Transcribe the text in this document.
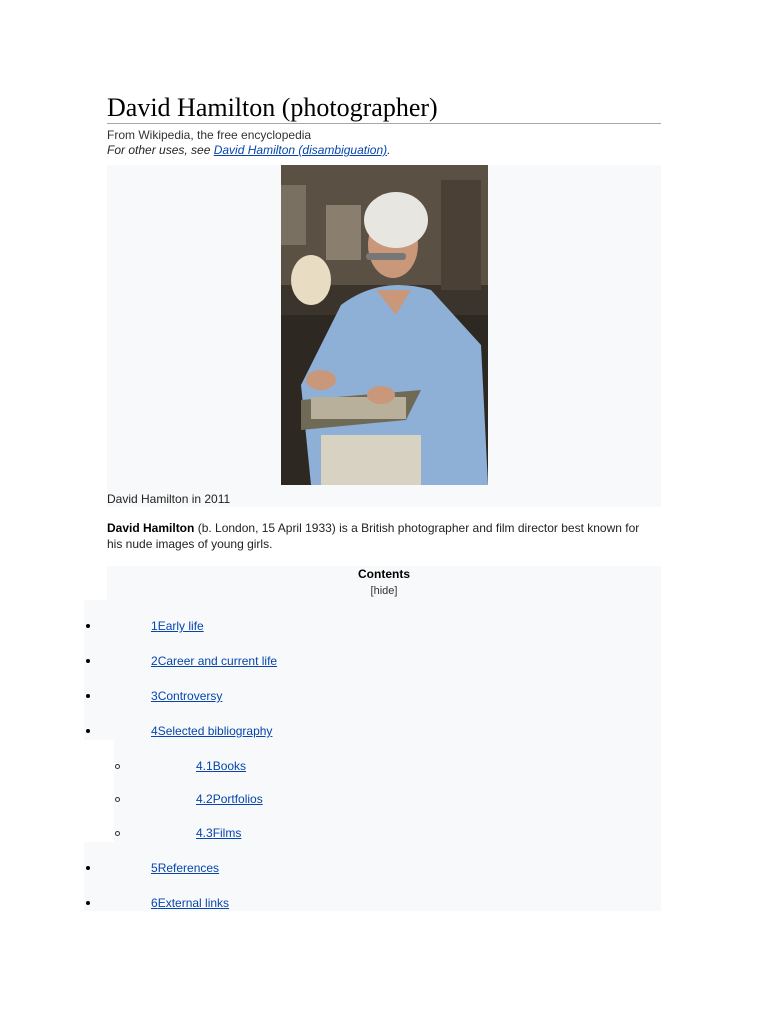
David Hamilton (photographer)
From Wikipedia, the free encyclopedia
For other uses, see David Hamilton (disambiguation).
David Hamilton in 2011
David Hamilton (b. London, 15 April 1933) is a British photographer and film director best known for his nude images of young girls.
Contents
[hide]
1Early life
2Career and current life
3Controversy
4Selected bibliography
4.1Books
4.2Portfolios
4.3Films
5References
6External links
